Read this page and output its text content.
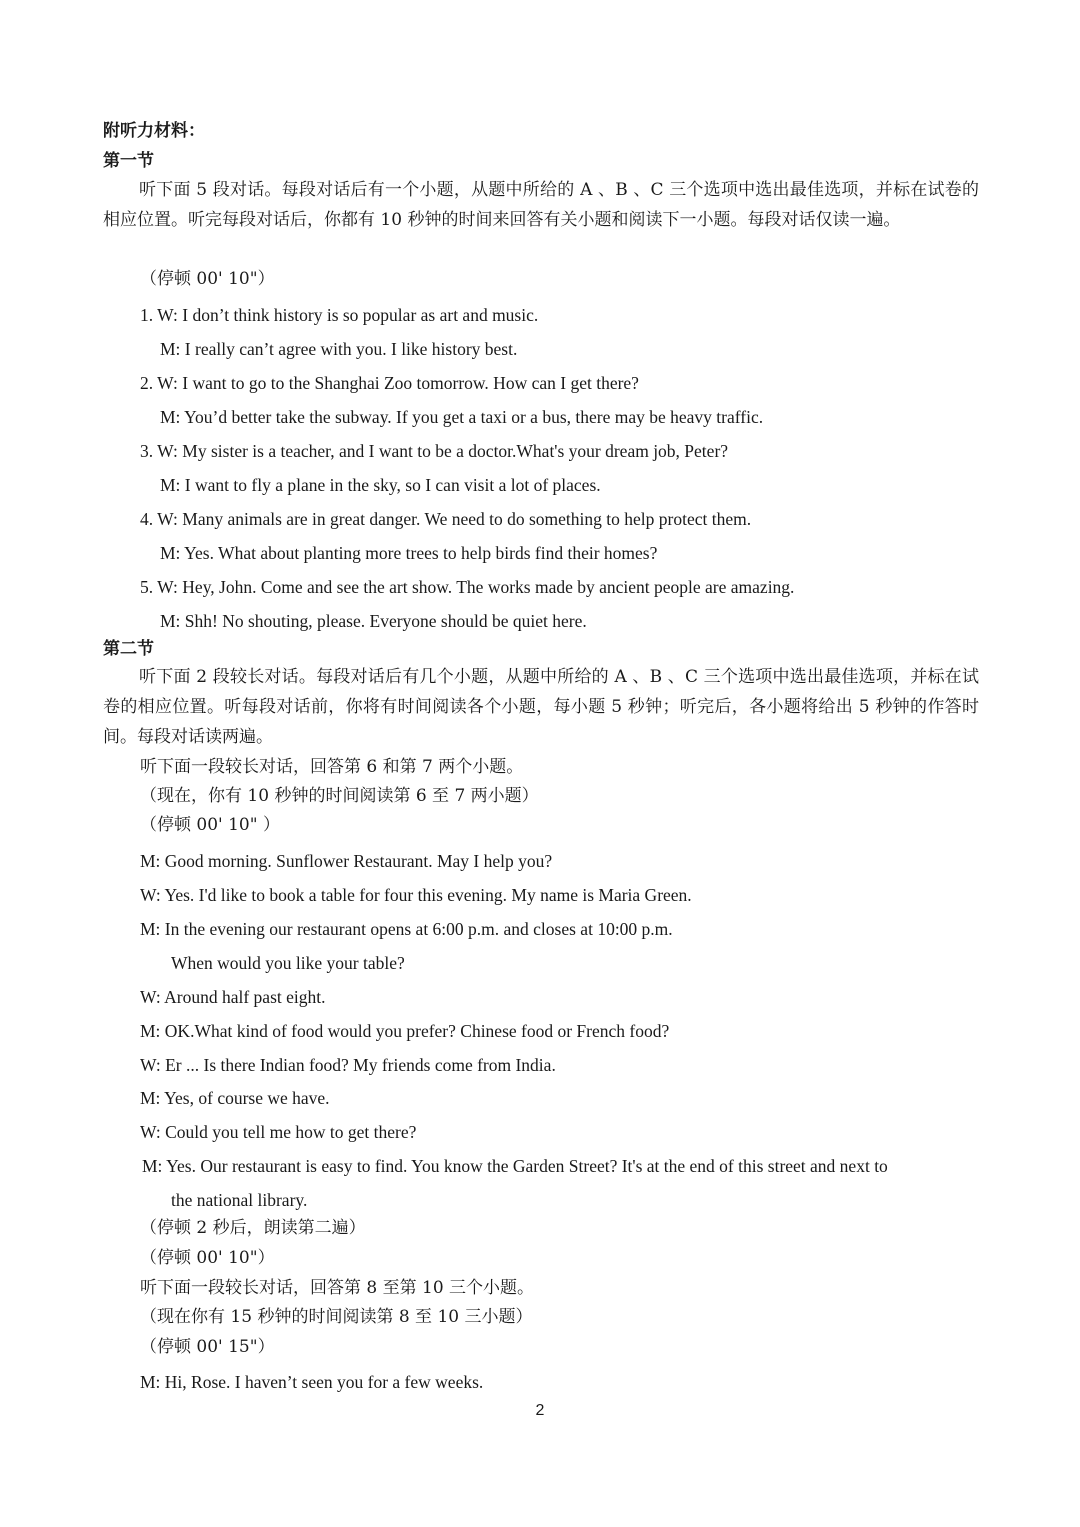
附听力材料：
第一节

听下面 5 段对话。每段对话后有一个小题，从题中所给的 A 、B 、C 三个选项中选出最佳选项，并标在试卷的相应位置。听完每段对话后，你都有 10 秒钟的时间来回答有关小题和阅读下一小题。每段对话仅读一遍。

（停顿 00' 10"）
1. W: I don’t think history is so popular as art and music.
M: I really can’t agree with you. I like history best.
2. W: I want to go to the Shanghai Zoo tomorrow. How can I get there?
M: You’d better take the subway. If you get a taxi or a bus, there may be heavy traffic.
3. W: My sister is a teacher, and I want to be a doctor.What's your dream job, Peter?
M: I want to fly a plane in the sky, so I can visit a lot of places.
4. W: Many animals are in great danger. We need to do something to help protect them.
M: Yes. What about planting more trees to help birds find their homes?
5. W: Hey, John. Come and see the art show. The works made by ancient people are amazing.
M: Shh! No shouting, please. Everyone should be quiet here.
第二节

听下面 2 段较长对话。每段对话后有几个小题，从题中所给的 A 、B 、C 三个选项中选出最佳选项，并标在试卷的相应位置。听每段对话前，你将有时间阅读各个小题，每小题 5 秒钟；听完后，各小题将给出 5 秒钟的作答时间。每段对话读两遍。

听下面一段较长对话，回答第 6 和第 7 两个小题。
（现在，你有 10 秒钟的时间阅读第 6 至 7 两小题）
（停顿 00' 10" ）
M: Good morning. Sunflower Restaurant. May I help you?
W: Yes. I'd like to book a table for four this evening. My name is Maria Green.
M: In the evening our restaurant opens at 6:00 p.m. and closes at 10:00 p.m.
When would you like your table?
W: Around half past eight.
M: OK.What kind of food would you prefer? Chinese food or French food?
W: Er ... Is there Indian food? My friends come from India.
M: Yes, of course we have.
W: Could you tell me how to get there?
M: Yes. Our restaurant is easy to find. You know the Garden Street? It's at the end of this street and next to
the national library.
（停顿 2 秒后，朗读第二遍）
（停顿 00' 10"）
听下面一段较长对话，回答第 8 至第 10 三个小题。
（现在你有 15 秒钟的时间阅读第 8 至 10 三小题）
（停顿 00' 15"）
M: Hi, Rose. I haven’t seen you for a few weeks.
2
